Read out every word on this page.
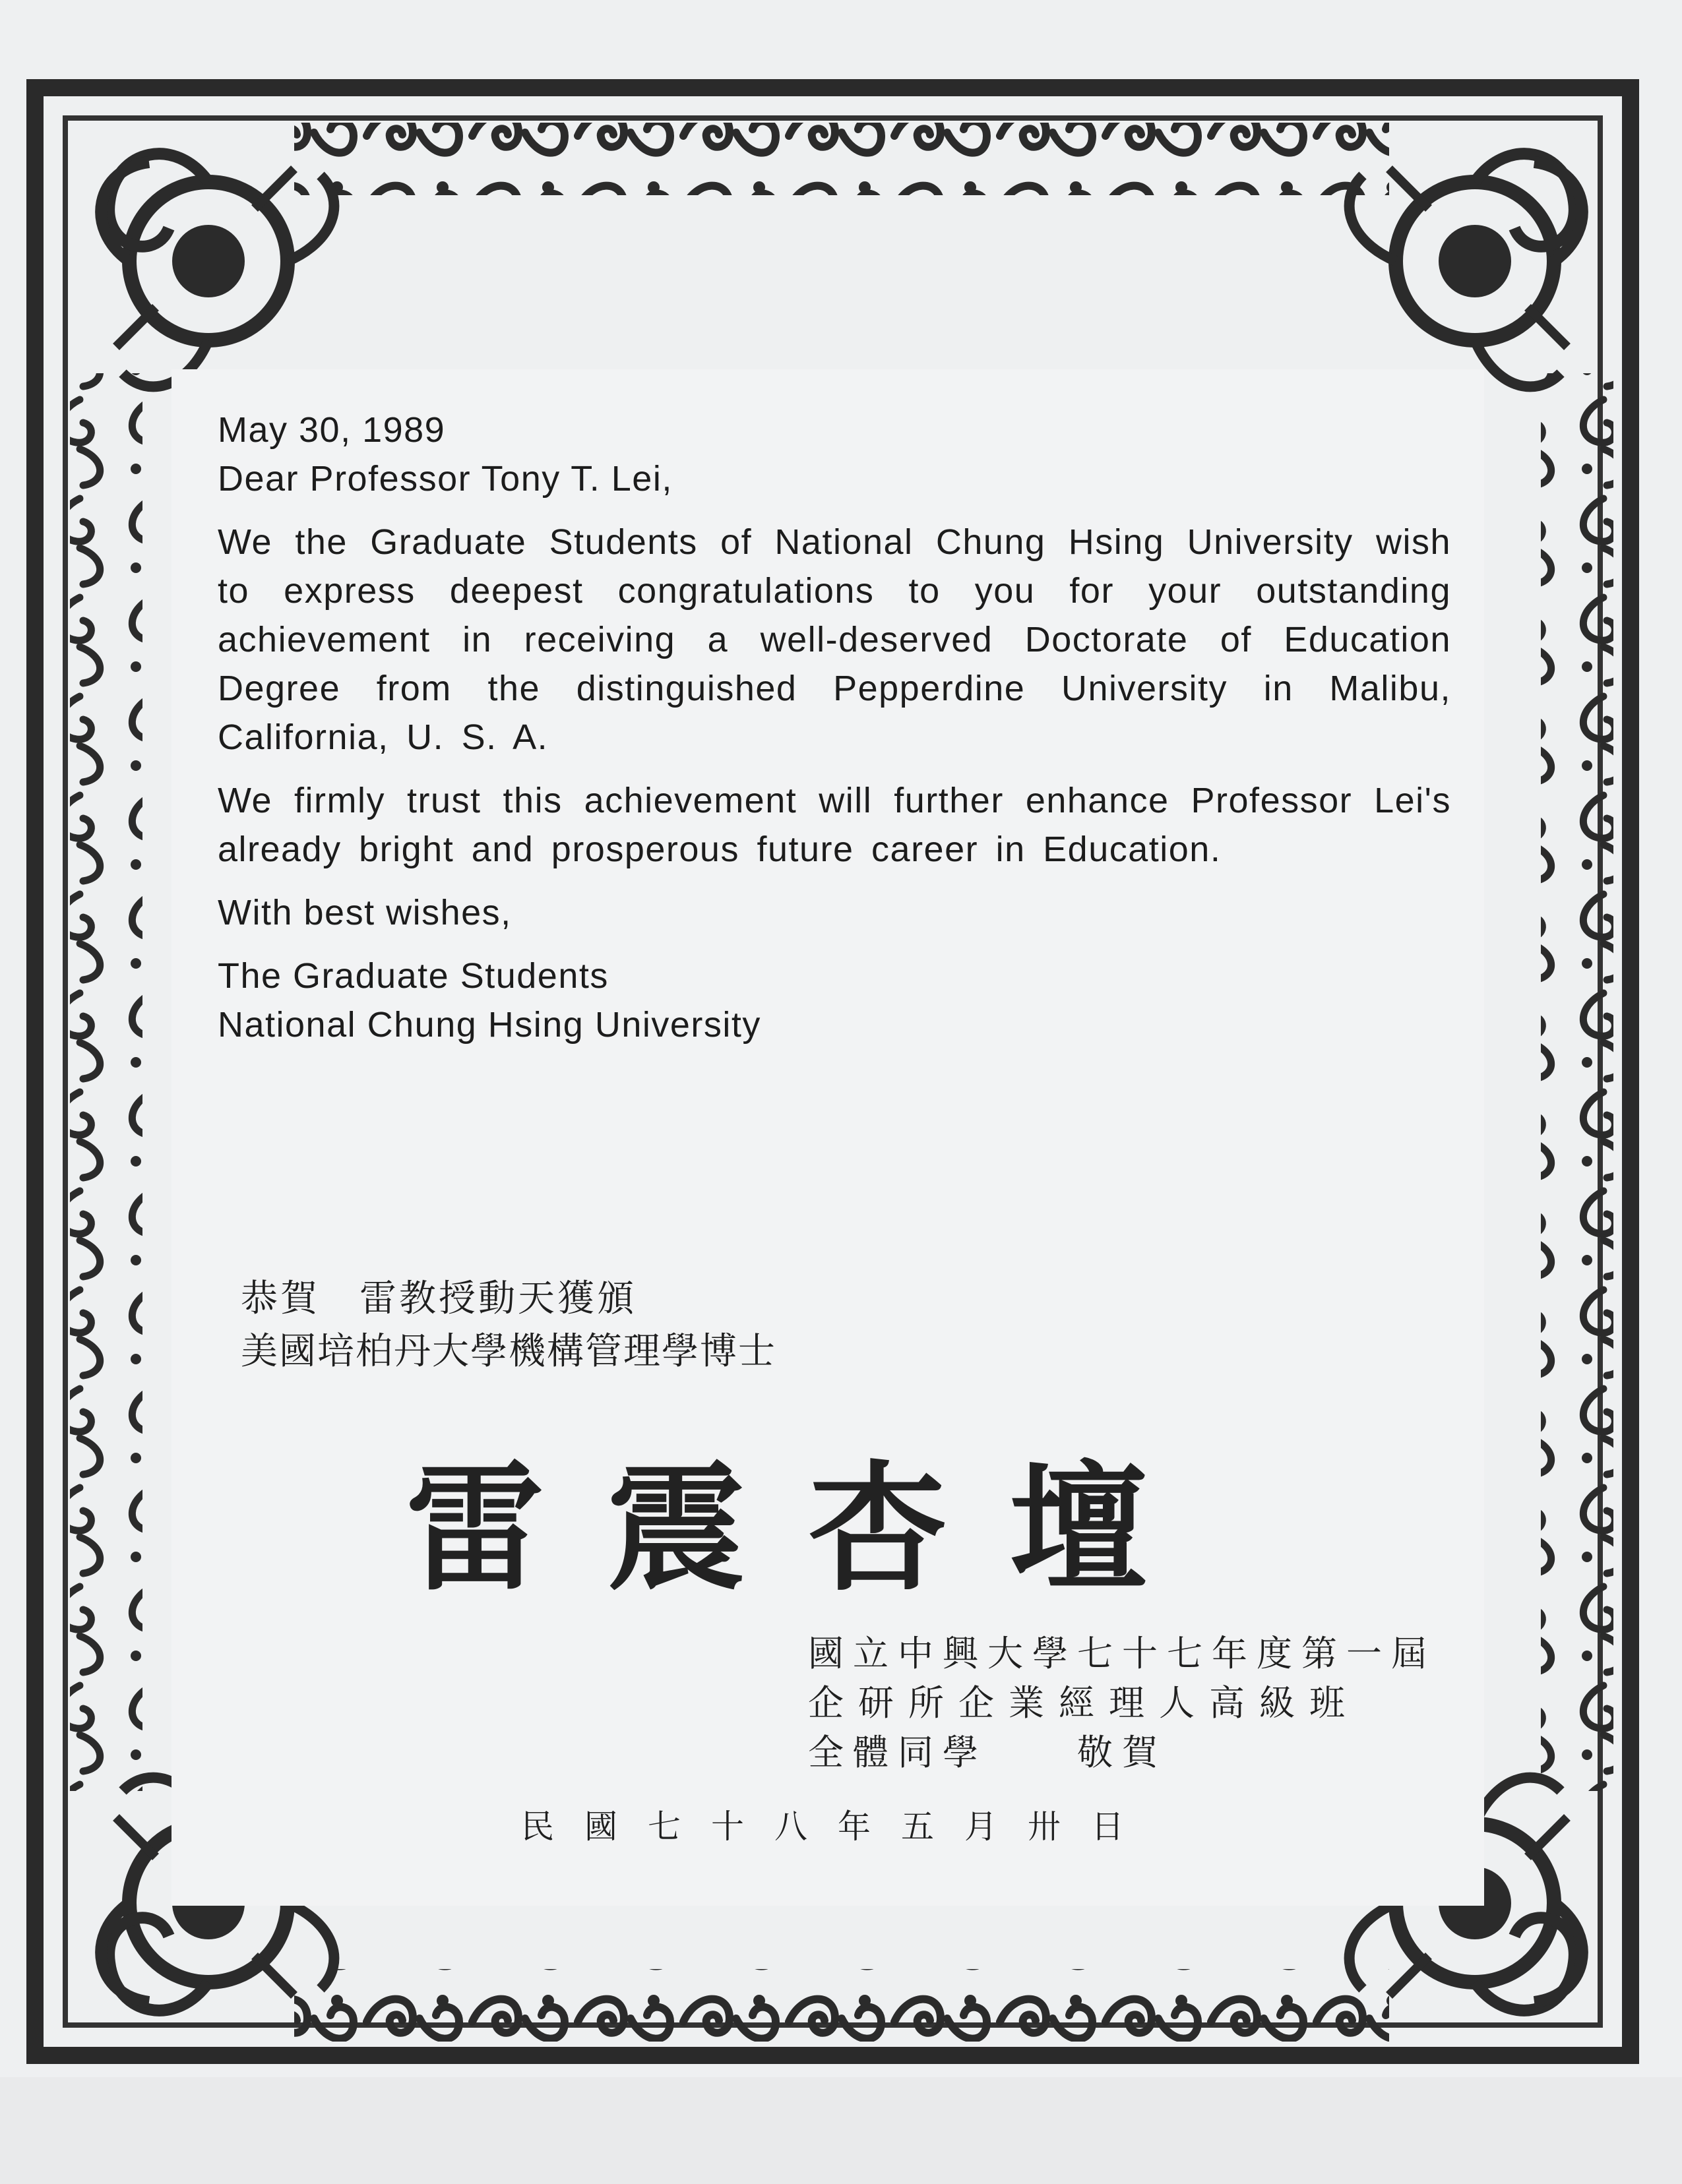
May 30, 1989

Dear Professor Tony T. Lei,

We the Graduate Students of National Chung Hsing University wish to express deepest congratulations to you for your outstanding achievement in receiving a well-deserved Doctorate of Education Degree from the distinguished Pepperdine University in Malibu, California, U. S. A.

We firmly trust this achievement will further enhance Professor Lei's already bright and prosperous future career in Education.

With best wishes,

The Graduate Students

National Chung Hsing University

恭賀　雷教授動天獲頒
美國培柏丹大學機構管理學博士
雷震杏壇
國立中興大學七十七年度第一屆
企研所企業經理人高級班
全體同學　　敬賀
民國七十八年五月卅日
